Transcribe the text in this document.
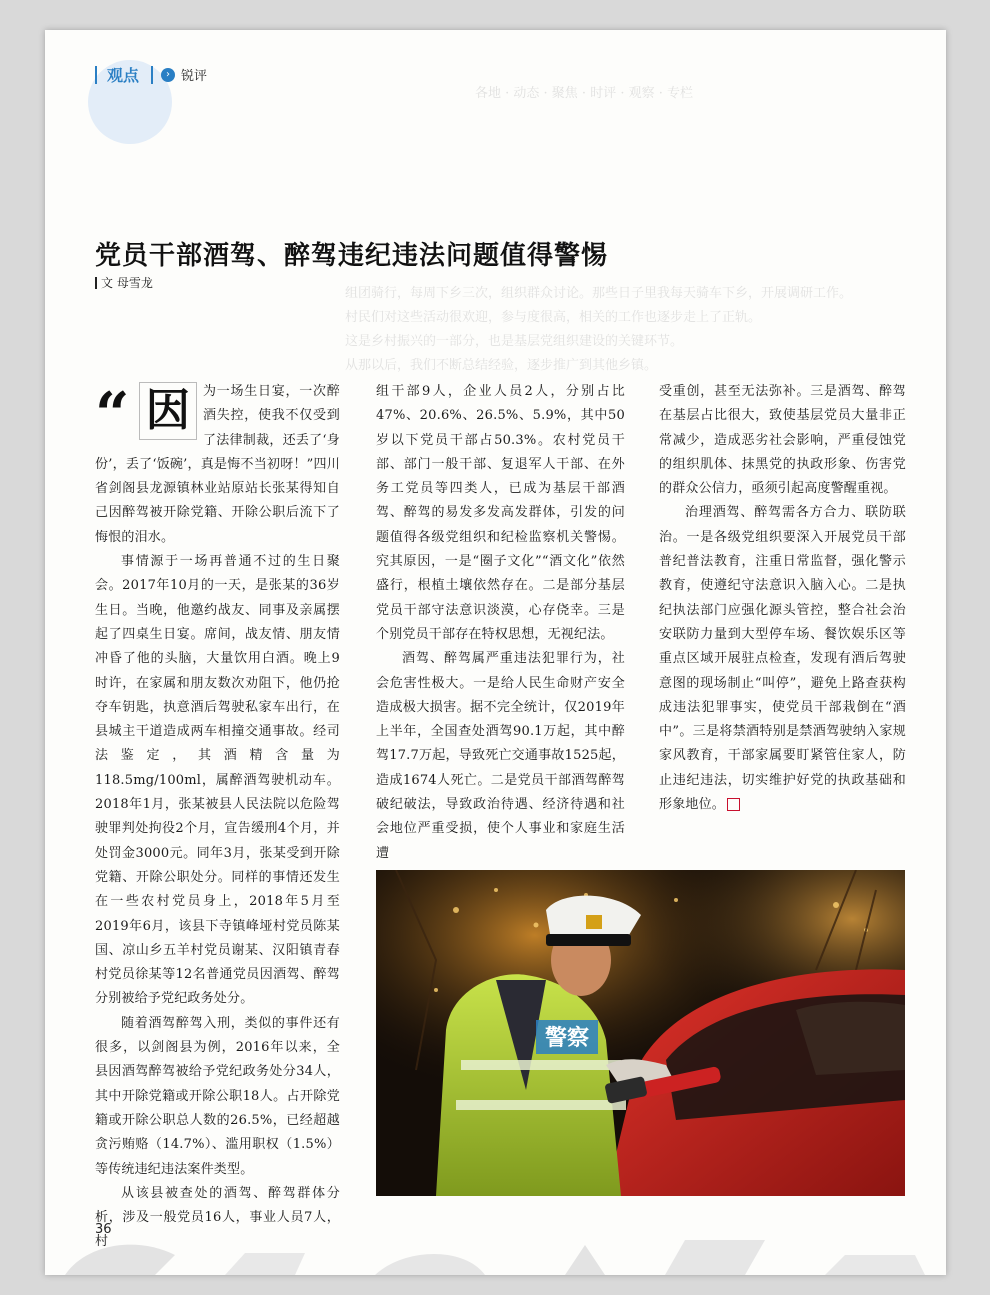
组团骑行，每周下乡三次，组织群众讨论。那些日子里我每天骑车下乡，开展调研工作。
村民们对这些活动很欢迎，参与度很高，相关的工作也逐步走上了正轨。
这是乡村振兴的一部分，也是基层党组织建设的关键环节。
从那以后，我们不断总结经验，逐步推广到其他乡镇。
各地 · 动态 · 聚焦 · 时评 · 观察 · 专栏
观点	› 锐评
党员干部酒驾、醉驾违纪违法问题值得警惕
文 母雪龙
“ 因 为一场生日宴，一次醉酒失控，使我不仅受到了法律制裁，还丢了‘身份’，丢了‘饭碗’，真是悔不当初呀！”四川省剑阁县龙源镇林业站原站长张某得知自己因醉驾被开除党籍、开除公职后流下了悔恨的泪水。

事情源于一场再普通不过的生日聚会。2017年10月的一天，是张某的36岁生日。当晚，他邀约战友、同事及亲属摆起了四桌生日宴。席间，战友情、朋友情冲昏了他的头脑，大量饮用白酒。晚上9时许，在家属和朋友数次劝阻下，他仍抢夺车钥匙，执意酒后驾驶私家车出行，在县城主干道造成两车相撞交通事故。经司法鉴定，其酒精含量为118.5mg/100ml，属醉酒驾驶机动车。2018年1月，张某被县人民法院以危险驾驶罪判处拘役2个月，宣告缓刑4个月，并处罚金3000元。同年3月，张某受到开除党籍、开除公职处分。同样的事情还发生在一些农村党员身上，2018年5月至2019年6月，该县下寺镇峰垭村党员陈某国、凉山乡五羊村党员谢某、汉阳镇青春村党员徐某等12名普通党员因酒驾、醉驾分别被给予党纪政务处分。

随着酒驾醉驾入刑，类似的事件还有很多，以剑阁县为例，2016年以来，全县因酒驾醉驾被给予党纪政务处分34人，其中开除党籍或开除公职18人。占开除党籍或开除公职总人数的26.5%，已经超越贪污贿赂（14.7%）、滥用职权（1.5%）等传统违纪违法案件类型。

从该县被查处的酒驾、醉驾群体分析，涉及一般党员16人，事业人员7人，村

组干部9人，企业人员2人，分别占比47%、20.6%、26.5%、5.9%，其中50岁以下党员干部占50.3%。农村党员干部、部门一般干部、复退军人干部、在外务工党员等四类人，已成为基层干部酒驾、醉驾的易发多发高发群体，引发的问题值得各级党组织和纪检监察机关警惕。究其原因，一是“圈子文化”“酒文化”依然盛行，根植土壤依然存在。二是部分基层党员干部守法意识淡漠，心存侥幸。三是个别党员干部存在特权思想，无视纪法。

酒驾、醉驾属严重违法犯罪行为，社会危害性极大。一是给人民生命财产安全造成极大损害。据不完全统计，仅2019年上半年，全国查处酒驾90.1万起，其中醉驾17.7万起，导致死亡交通事故1525起，造成1674人死亡。二是党员干部酒驾醉驾破纪破法，导致政治待遇、经济待遇和社会地位严重受损，使个人事业和家庭生活遭

受重创，甚至无法弥补。三是酒驾、醉驾在基层占比很大，致使基层党员大量非正常减少，造成恶劣社会影响，严重侵蚀党的组织肌体、抹黑党的执政形象、伤害党的群众公信力，亟须引起高度警醒重视。

治理酒驾、醉驾需各方合力、联防联治。一是各级党组织要深入开展党员干部普纪普法教育，注重日常监督，强化警示教育，使遵纪守法意识入脑入心。二是执纪执法部门应强化源头管控，整合社会治安联防力量到大型停车场、餐饮娱乐区等重点区域开展驻点检查，发现有酒后驾驶意图的现场制止“叫停”，避免上路查获构成违法犯罪事实，使党员干部栽倒在“酒中”。三是将禁酒特别是禁酒驾驶纳入家规家风教育，干部家属要盯紧管住家人，防止违纪违法，切实维护好党的执政基础和形象地位。

警察
36
